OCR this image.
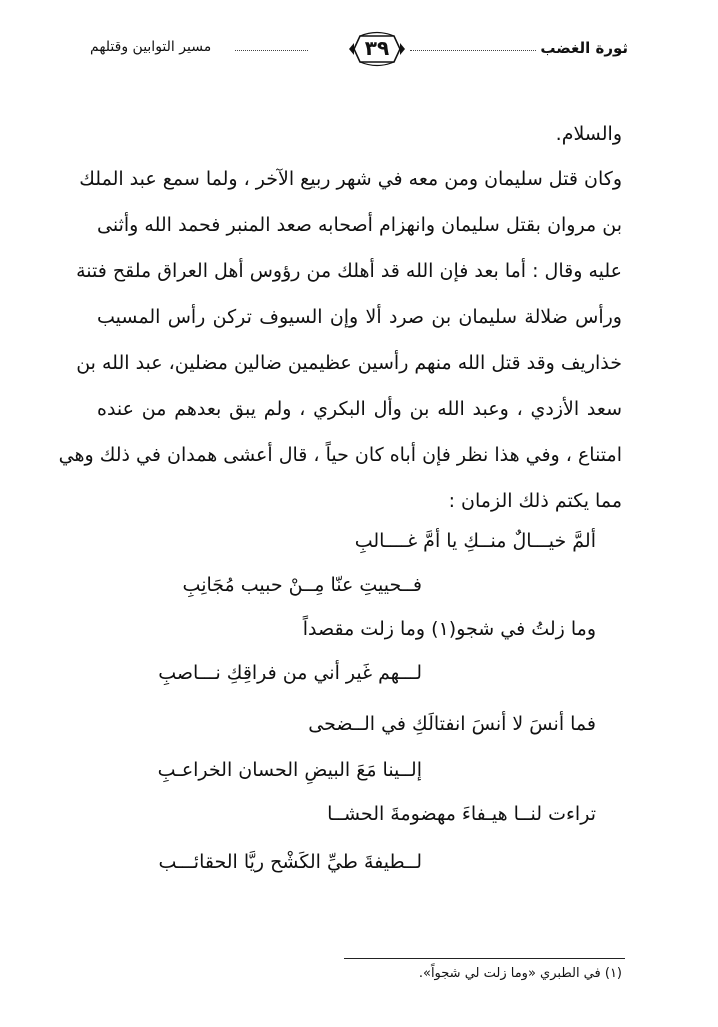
ثورة الغضب
٣٩
مسير التوابين وقتلهم
والسلام.
وكان قتل سليمان ومن معه في شهر ربيع الآخر ، ولما سمع عبد الملك
بن مروان بقتل سليمان وانهزام أصحابه صعد المنبر فحمد الله وأثنى
عليه وقال : أما بعد فإن الله قد أهلك من رؤوس أهل العراق ملقح فتنة
ورأس ضلالة سليمان بن صرد ألا وإن السيوف تركن رأس المسيب
خذاريف وقد قتل الله منهم رأسين عظيمين ضالين مضلين، عبد الله بن
سعد الأزدي ، وعبد الله بن وأل البكري ، ولم يبق بعدهم من عنده
امتناع ، وفي هذا نظر فإن أباه كان حياً ، قال أعشى همدان في ذلك وهي
مما يكتم ذلك الزمان :
ألمَّ خيـــالٌ منــكِ يا أمَّ غــــالبِ
فــحييتِ عنّا مِــنْ حبيب مُجَانِبِ
وما زلتُ في شجو(١) وما زلت مقصداً
لـــهم غَير أني من فراقِكِ نـــاصبِ
فما أنسَ لا أنسَ انفتالَكِ في الــضحى
إلــينا مَعَ البيضِ الحسان الخراعـبِ
تراءت لنــا هيـفاءَ مهضومةَ الحشــا
لــطيفةَ طيِّ الكَشْح ريَّا الحقائـــب
(١) في الطبري «وما زلت لي شجواً».
